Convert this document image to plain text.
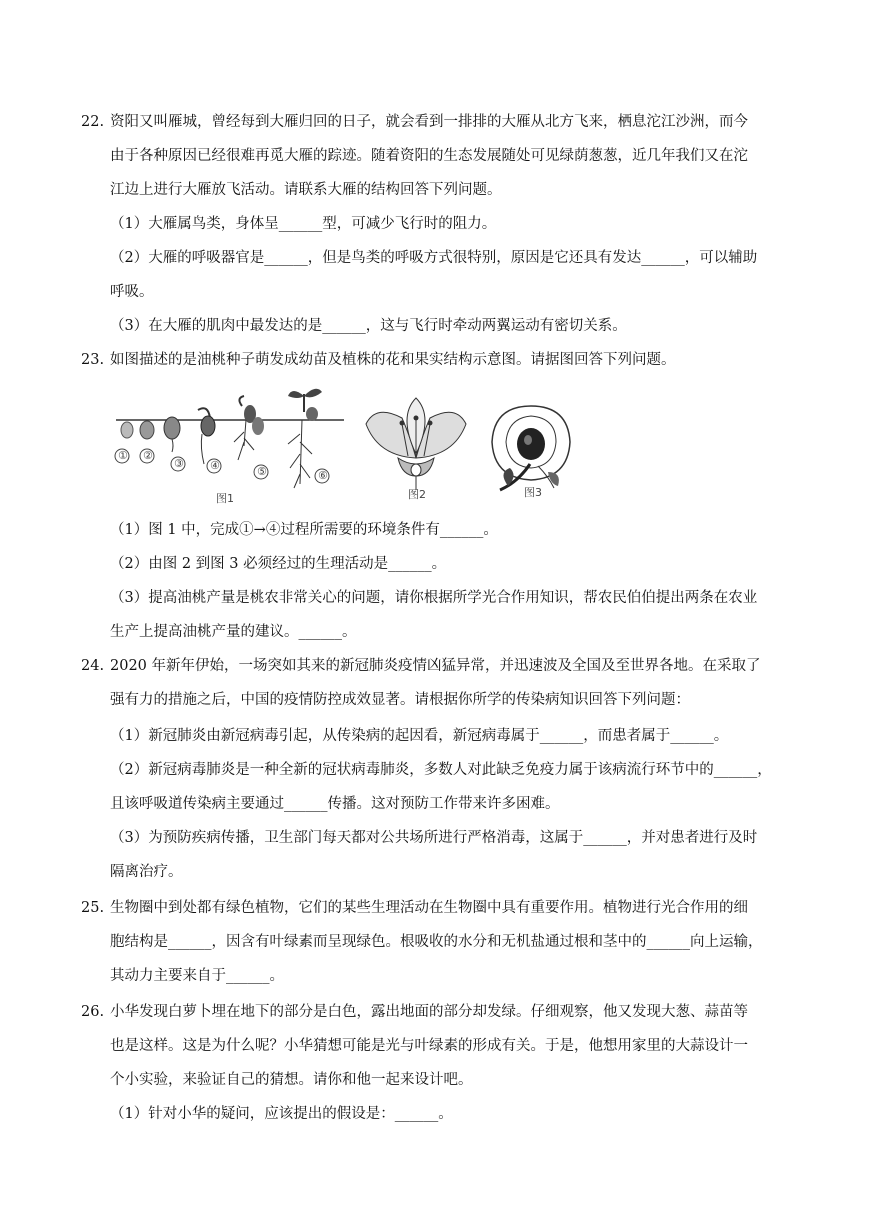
22. 资阳又叫雁城，曾经每到大雁归回的日子，就会看到一排排的大雁从北方飞来，栖息沱江沙洲，而今
由于各种原因已经很难再觅大雁的踪迹。随着资阳的生态发展随处可见绿荫葱葱，近几年我们又在沱
江边上进行大雁放飞活动。请联系大雁的结构回答下列问题。
（1）大雁属鸟类，身体呈______型，可减少飞行时的阻力。
（2）大雁的呼吸器官是______，但是鸟类的呼吸方式很特别，原因是它还具有发达______，可以辅助
呼吸。
（3）在大雁的肌肉中最发达的是______，这与飞行时牵动两翼运动有密切关系。
23. 如图描述的是油桃种子萌发成幼苗及植株的花和果实结构示意图。请据图回答下列问题。
① ②
③ ④	⑤	⑥
图1	图2	图3
（1）图 1 中，完成①→④过程所需要的环境条件有______。
（2）由图 2 到图 3 必须经过的生理活动是______。
（3）提高油桃产量是桃农非常关心的问题，请你根据所学光合作用知识，帮农民伯伯提出两条在农业
生产上提高油桃产量的建议。______。
24. 2020 年新年伊始，一场突如其来的新冠肺炎疫情凶猛异常，并迅速波及全国及至世界各地。在采取了
强有力的措施之后，中国的疫情防控成效显著。请根据你所学的传染病知识回答下列问题：
（1）新冠肺炎由新冠病毒引起，从传染病的起因看，新冠病毒属于______，而患者属于______。
（2）新冠病毒肺炎是一种全新的冠状病毒肺炎，多数人对此缺乏免疫力属于该病流行环节中的______，
且该呼吸道传染病主要通过______传播。这对预防工作带来许多困难。
（3）为预防疾病传播，卫生部门每天都对公共场所进行严格消毒，这属于______，并对患者进行及时
隔离治疗。
25. 生物圈中到处都有绿色植物，它们的某些生理活动在生物圈中具有重要作用。植物进行光合作用的细
胞结构是______，因含有叶绿素而呈现绿色。根吸收的水分和无机盐通过根和茎中的______向上运输，
其动力主要来自于______。
26. 小华发现白萝卜埋在地下的部分是白色，露出地面的部分却发绿。仔细观察，他又发现大葱、蒜苗等
也是这样。这是为什么呢？小华猜想可能是光与叶绿素的形成有关。于是，他想用家里的大蒜设计一
个小实验，来验证自己的猜想。请你和他一起来设计吧。
（1）针对小华的疑问，应该提出的假设是：______。
